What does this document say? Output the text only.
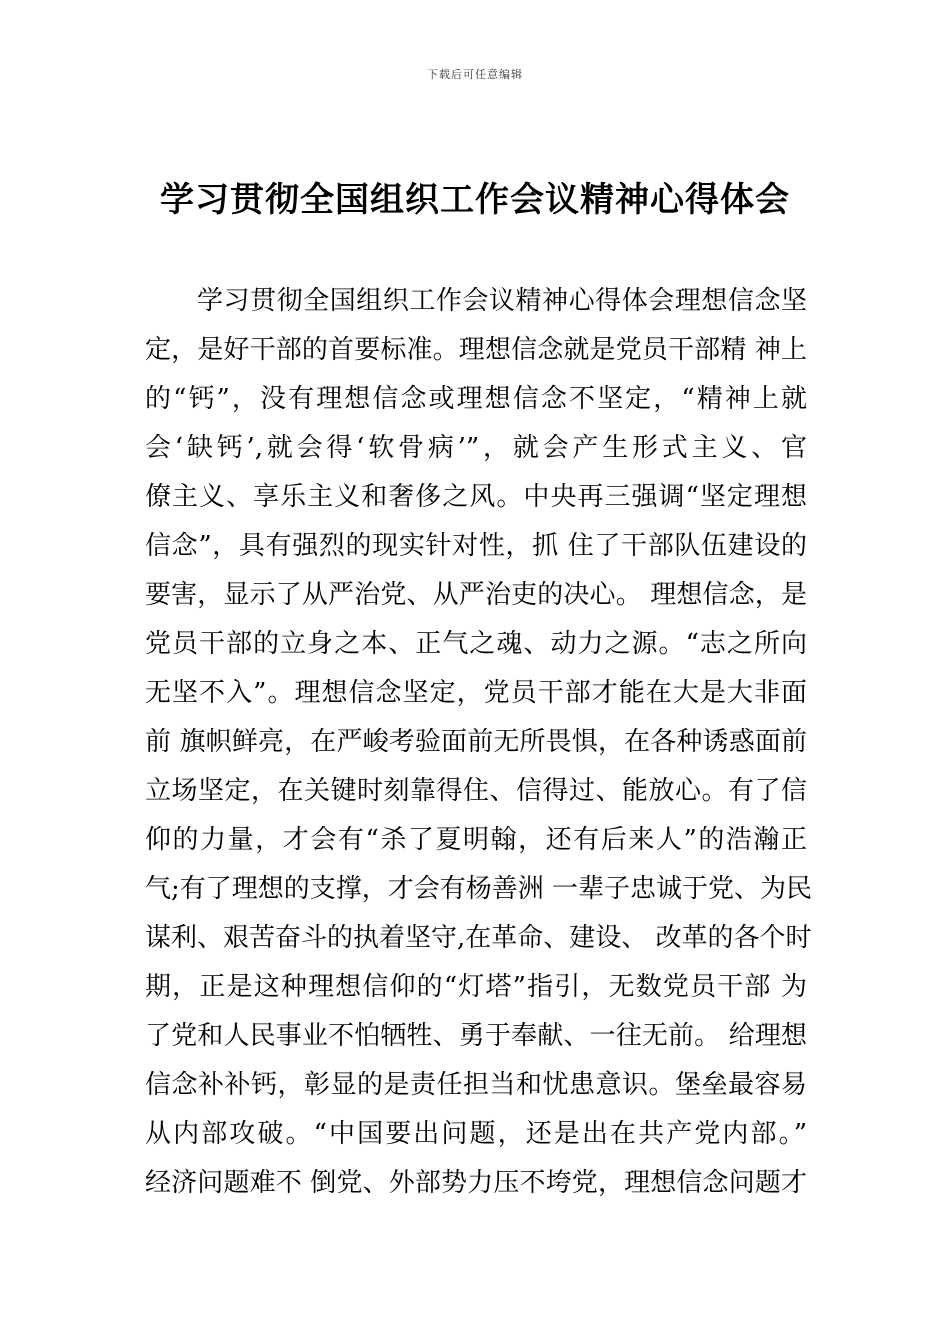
下载后可任意编辑
学习贯彻全国组织工作会议精神心得体会
学习贯彻全国组织工作会议精神心得体会理想信念坚
定，是好干部的首要标准。理想信念就是党员干部精 神上
的“钙”，没有理想信念或理想信念不坚定，“精神上就
会‘缺钙’,就会得‘软骨病’”，就会产生形式主义、官
僚主义、享乐主义和奢侈之风。中央再三强调“坚定理想
信念”，具有强烈的现实针对性，抓 住了干部队伍建设的
要害，显示了从严治党、从严治吏的决心。 理想信念，是
党员干部的立身之本、正气之魂、动力之源。“志之所向
无坚不入”。理想信念坚定，党员干部才能在大是大非面
前 旗帜鲜亮，在严峻考验面前无所畏惧，在各种诱惑面前
立场坚定，在关键时刻靠得住、信得过、能放心。有了信
仰的力量，才会有“杀了夏明翰，还有后来人”的浩瀚正
气;有了理想的支撑，才会有杨善洲 一辈子忠诚于党、为民
谋利、艰苦奋斗的执着坚守,在革命、建设、 改革的各个时
期，正是这种理想信仰的“灯塔”指引，无数党员干部 为
了党和人民事业不怕牺牲、勇于奉献、一往无前。 给理想
信念补补钙，彰显的是责任担当和忧患意识。堡垒最容易
从内部攻破。“中国要出问题，还是出在共产党内部。”
经济问题难不 倒党、外部势力压不垮党，理想信念问题才
